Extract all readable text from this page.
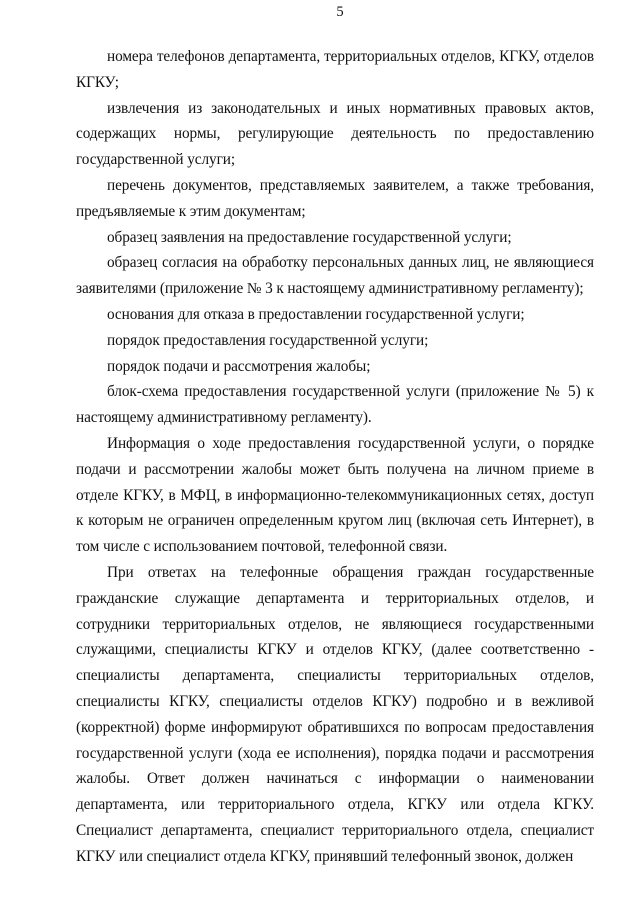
5

номера телефонов департамента, территориальных отделов, КГКУ, отделов КГКУ;

извлечения из законодательных и иных нормативных правовых актов, содержащих нормы, регулирующие деятельность по предоставлению государственной услуги;

перечень документов, представляемых заявителем, а также требования, предъявляемые к этим документам;

образец заявления на предоставление государственной услуги;

образец согласия на обработку персональных данных лиц, не являющиеся заявителями (приложение № 3 к настоящему административному регламенту);

основания для отказа в предоставлении государственной услуги;

порядок предоставления государственной услуги;

порядок подачи и рассмотрения жалобы;

блок-схема предоставления государственной услуги (приложение № 5) к настоящему административному регламенту).

Информация о ходе предоставления государственной услуги, о порядке подачи и рассмотрении жалобы может быть получена на личном приеме в отделе КГКУ, в МФЦ, в информационно-телекоммуникационных сетях, доступ к которым не ограничен определенным кругом лиц (включая сеть Интернет), в том числе с использованием почтовой, телефонной связи.

При ответах на телефонные обращения граждан государственные гражданские служащие департамента и территориальных отделов, и сотрудники территориальных отделов, не являющиеся государственными служащими, специалисты КГКУ и отделов КГКУ, (далее соответственно - специалисты департамента, специалисты территориальных отделов, специалисты КГКУ, специалисты отделов КГКУ) подробно и в вежливой (корректной) форме информируют обратившихся по вопросам предоставления государственной услуги (хода ее исполнения), порядка подачи и рассмотрения жалобы. Ответ должен начинаться с информации о наименовании департамента, или территориального отдела, КГКУ или отдела КГКУ. Специалист департамента, специалист территориального отдела, специалист КГКУ или специалист отдела КГКУ, принявший телефонный звонок, должен
